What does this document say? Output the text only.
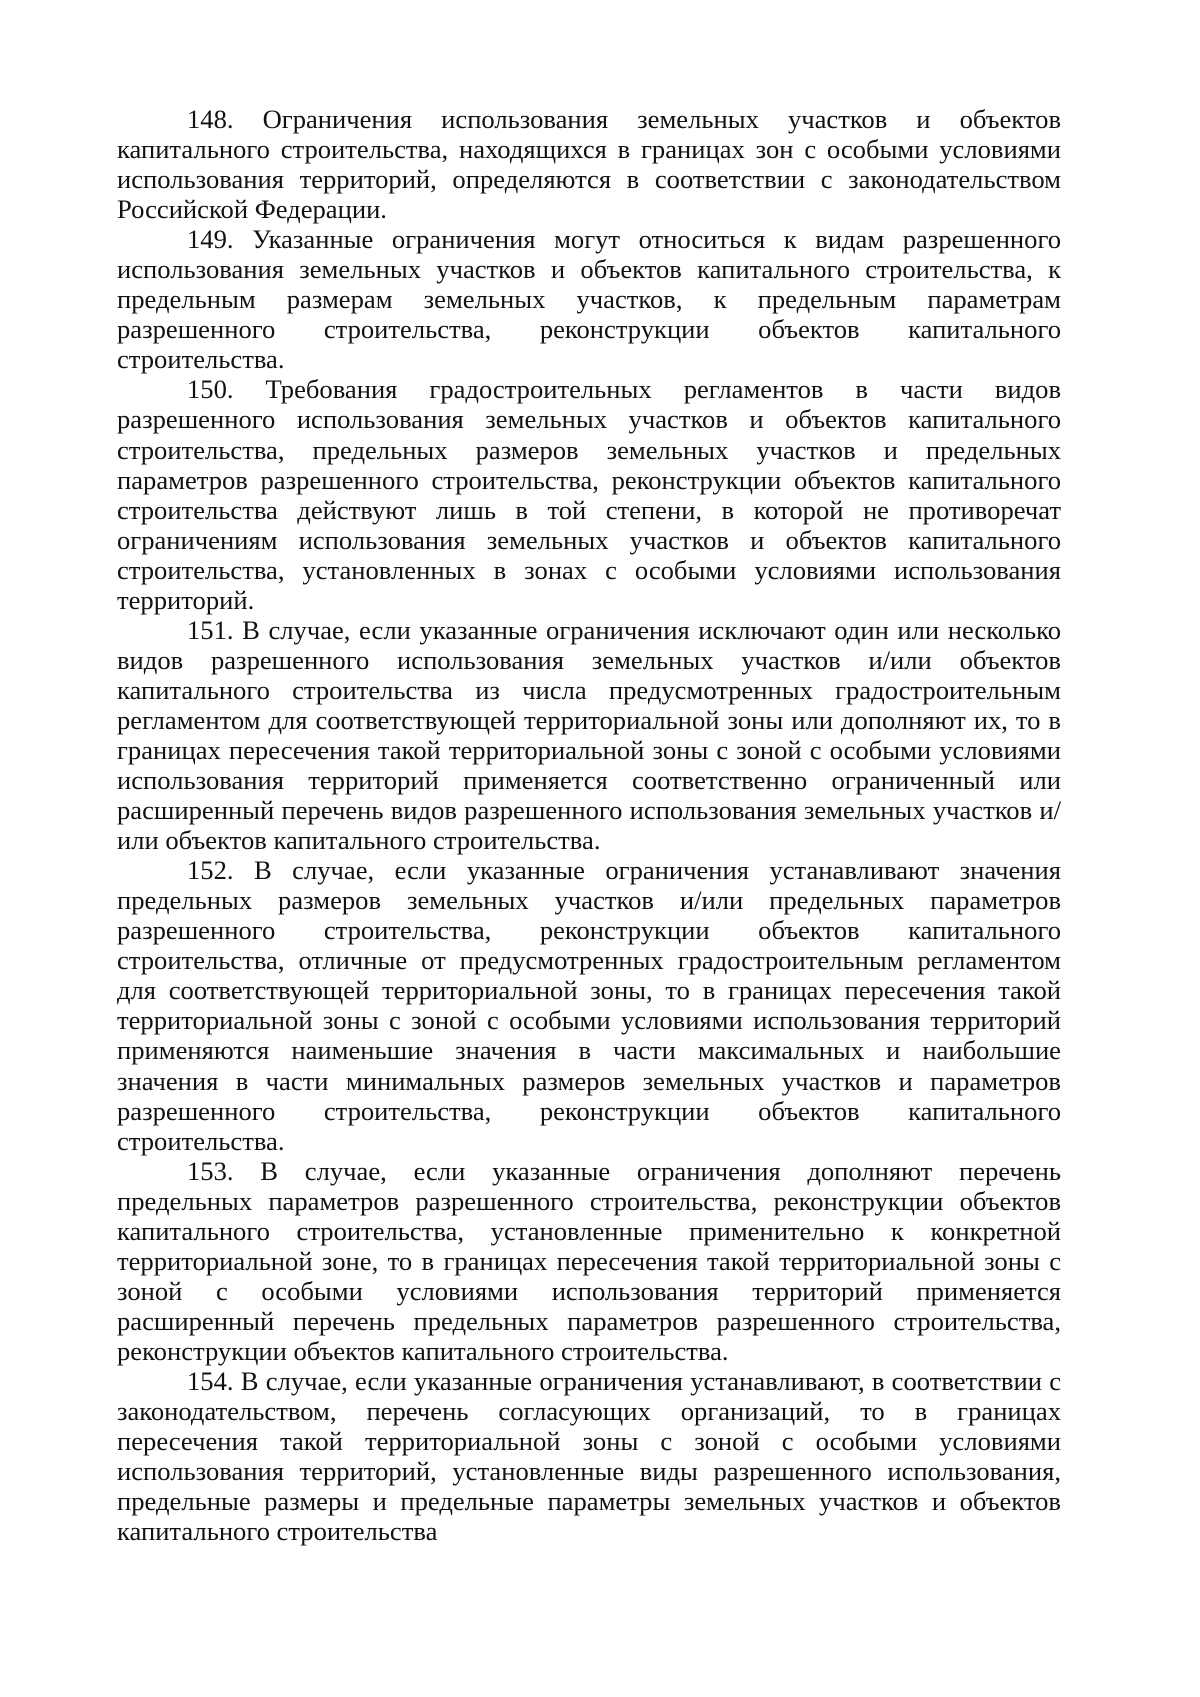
148. Ограничения использования земельных участков и объектов капитального строительства, находящихся в границах зон с особыми условиями использования территорий, определяются в соответствии с законодательством Российской Федерации.

149. Указанные ограничения могут относиться к видам разрешенного использования земельных участков и объектов капитального строительства, к предельным размерам земельных участков, к предельным параметрам разрешенного строительства, реконструкции объектов капитального строительства.

150. Требования градостроительных регламентов в части видов разрешенного использования земельных участков и объектов капитального строительства, предельных размеров земельных участков и предельных параметров разрешенного строительства, реконструкции объектов капитального строительства действуют лишь в той степени, в которой не противоречат ограничениям использования земельных участков и объектов капитального строительства, установленных в зонах с особыми условиями использования территорий.

151. В случае, если указанные ограничения исключают один или несколько видов разрешенного использования земельных участков и/или объектов капитального строительства из числа предусмотренных градостроительным регламентом для соответствующей территориальной зоны или дополняют их, то в границах пересечения такой территориальной зоны с зоной с особыми условиями использования территорий применяется соответственно ограниченный или расширенный перечень видов разрешенного использования земельных участков и/или объектов капитального строительства.

152. В случае, если указанные ограничения устанавливают значения предельных размеров земельных участков и/или предельных параметров разрешенного строительства, реконструкции объектов капитального строительства, отличные от предусмотренных градостроительным регламентом для соответствующей территориальной зоны, то в границах пересечения такой территориальной зоны с зоной с особыми условиями использования территорий применяются наименьшие значения в части максимальных и наибольшие значения в части минимальных размеров земельных участков и параметров разрешенного строительства, реконструкции объектов капитального строительства.

153. В случае, если указанные ограничения дополняют перечень предельных параметров разрешенного строительства, реконструкции объектов капитального строительства, установленные применительно к конкретной территориальной зоне, то в границах пересечения такой территориальной зоны с зоной с особыми условиями использования территорий применяется расширенный перечень предельных параметров разрешенного строительства, реконструкции объектов капитального строительства.

154. В случае, если указанные ограничения устанавливают, в соответствии с законодательством, перечень согласующих организаций, то в границах пересечения такой территориальной зоны с зоной с особыми условиями использования территорий, установленные виды разрешенного использования, предельные размеры и предельные параметры земельных участков и объектов капитального строительства
